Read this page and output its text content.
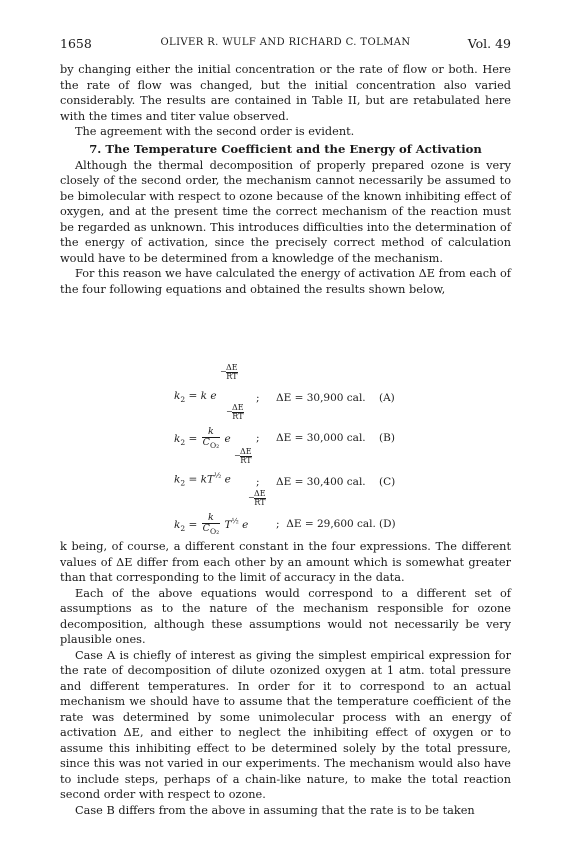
1658	OLIVER R. WULF AND RICHARD C. TOLMAN	Vol. 49

by changing either the initial concentration or the rate of flow or both. Here the rate of flow was changed, but the initial concentration also varied considerably. The results are contained in Table II, but are retabulated here with the times and titer value observed.

The agreement with the second order is evident.

7. The Temperature Coefficient and the Energy of Activation

Although the thermal decomposition of properly prepared ozone is very closely of the second order, the mechanism cannot necessarily be assumed to be bimolecular with respect to ozone because of the known inhibiting effect of oxygen, and at the present time the correct mechanism of the reaction must be regarded as unknown. This introduces difficulties into the determination of the energy of activation, since the precisely correct method of calculation would have to be determined from a knowledge of the mechanism.

For this reason we have calculated the energy of activation ΔE from each of the four following equations and obtained the results shown below,

$k_2 = k$ e
− ΔE
RT
; ΔE = 30,900 cal. (A)
$k_2 = \frac{k}{C_{O_2}}$ e
− ΔE
RT
; ΔE = 30,000 cal. (B)
$k_2 = kT^{\frac{1}{2}}$ e
− ΔE
RT
; ΔE = 30,400 cal. (C)
$k_2 = \frac{k}{C_{O_2}} T^{\frac{1}{2}}$ e
− ΔE
RT
; ΔE = 29,600 cal. (D)

k being, of course, a different constant in the four expressions. The different values of ΔE differ from each other by an amount which is somewhat greater than that corresponding to the limit of accuracy in the data.

Each of the above equations would correspond to a different set of assumptions as to the nature of the mechanism responsible for ozone decomposition, although these assumptions would not necessarily be very plausible ones.

Case A is chiefly of interest as giving the simplest empirical expression for the rate of decomposition of dilute ozonized oxygen at 1 atm. total pressure and different temperatures. In order for it to correspond to an actual mechanism we should have to assume that the temperature coefficient of the rate was determined by some unimolecular process with an energy of activation ΔE, and either to neglect the inhibiting effect of oxygen or to assume this inhibiting effect to be determined solely by the total pressure, since this was not varied in our experiments. The mechanism would also have to include steps, perhaps of a chain-like nature, to make the total reaction second order with respect to ozone.

Case B differs from the above in assuming that the rate is to be taken
